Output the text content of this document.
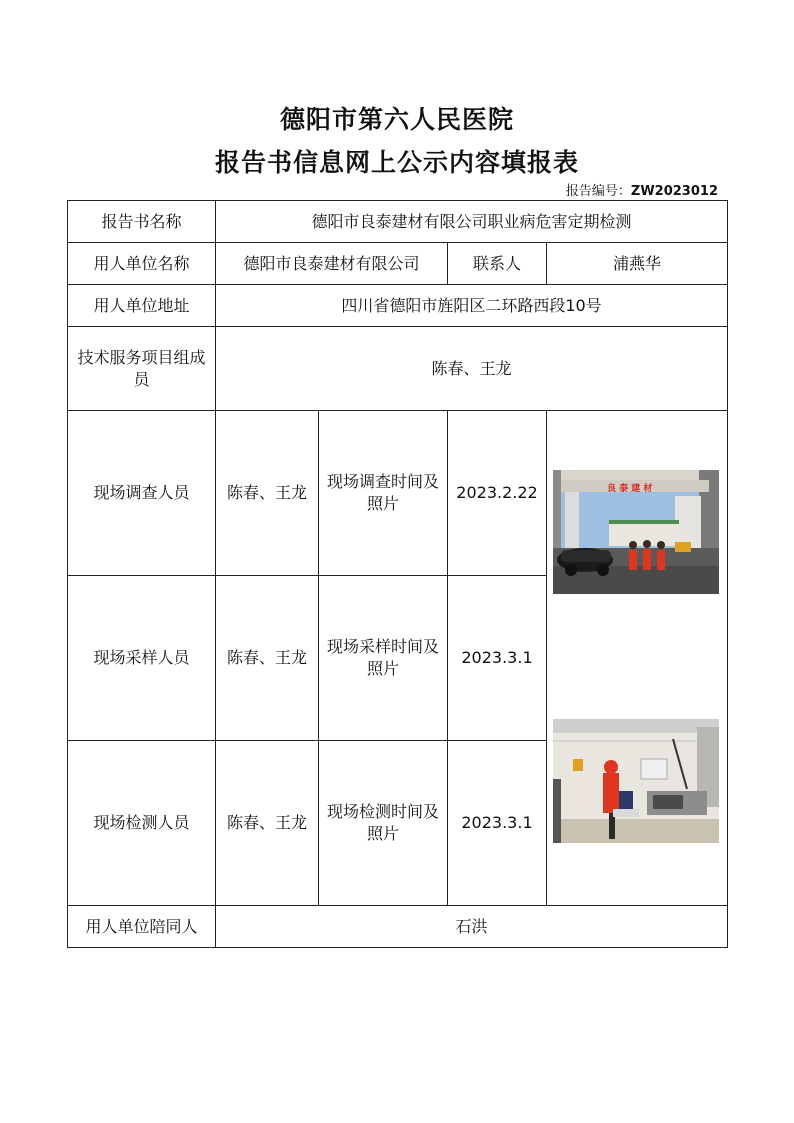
德阳市第六人民医院
报告书信息网上公示内容填报表
报告编号：ZW2023012
报告书名称	德阳市良泰建材有限公司职业病危害定期检测			
用人单位名称	德阳市良泰建材有限公司		联系人	浦燕华
用人单位地址	四川省德阳市旌阳区二环路西段10号			
技术服务项目组成员	陈春、王龙			
现场调查人员	陈春、王龙	现场调查时间及照片	2023.2.22	良 泰 建 材

现场采样人员	陈春、王龙	现场采样时间及照片	2023.3.1	
现场检测人员	陈春、王龙	现场检测时间及照片	2023.3.1	
用人单位陪同人	石洪			
